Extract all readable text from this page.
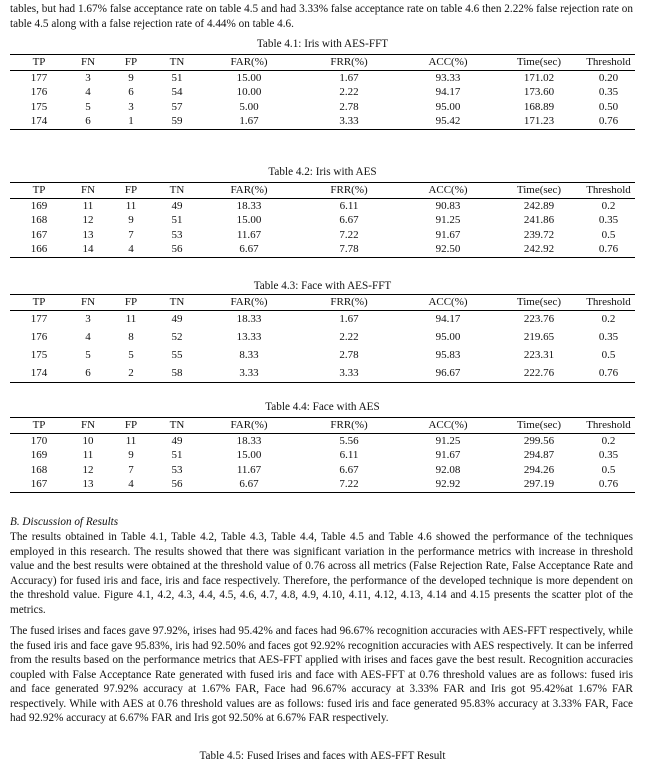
tables, but had 1.67% false acceptance rate on table 4.5 and had 3.33% false acceptance rate on table 4.6 then 2.22% false rejection rate on table 4.5 along with a false rejection rate of 4.44% on table 4.6.

Table 4.1: Iris with AES-FFT

TP	FN	FP	TN	FAR(%)	FRR(%)	ACC(%)	Time(sec)	Threshold
177	3	9	51	15.00	1.67	93.33	171.02	0.20
176	4	6	54	10.00	2.22	94.17	173.60	0.35
175	5	3	57	5.00	2.78	95.00	168.89	0.50
174	6	1	59	1.67	3.33	95.42	171.23	0.76

Table 4.2: Iris with AES

TP	FN	FP	TN	FAR(%)	FRR(%)	ACC(%)	Time(sec)	Threshold
169	11	11	49	18.33	6.11	90.83	242.89	0.2
168	12	9	51	15.00	6.67	91.25	241.86	0.35
167	13	7	53	11.67	7.22	91.67	239.72	0.5
166	14	4	56	6.67	7.78	92.50	242.92	0.76

Table 4.3: Face with AES-FFT

TP	FN	FP	TN	FAR(%)	FRR(%)	ACC(%)	Time(sec)	Threshold
177	3	11	49	18.33	1.67	94.17	223.76	0.2
176	4	8	52	13.33	2.22	95.00	219.65	0.35
175	5	5	55	8.33	2.78	95.83	223.31	0.5
174	6	2	58	3.33	3.33	96.67	222.76	0.76

Table 4.4: Face with AES

TP	FN	FP	TN	FAR(%)	FRR(%)	ACC(%)	Time(sec)	Threshold
170	10	11	49	18.33	5.56	91.25	299.56	0.2
169	11	9	51	15.00	6.11	91.67	294.87	0.35
168	12	7	53	11.67	6.67	92.08	294.26	0.5
167	13	4	56	6.67	7.22	92.92	297.19	0.76

B. Discussion of Results

The results obtained in Table 4.1, Table 4.2, Table 4.3, Table 4.4, Table 4.5 and Table 4.6 showed the performance of the techniques employed in this research. The results showed that there was significant variation in the performance metrics with increase in threshold value and the best results were obtained at the threshold value of 0.76 across all metrics (False Rejection Rate, False Acceptance Rate and Accuracy) for fused iris and face, iris and face respectively. Therefore, the performance of the developed technique is more dependent on the threshold value. Figure 4.1, 4.2, 4.3, 4.4, 4.5, 4.6, 4.7, 4.8, 4.9, 4.10, 4.11, 4.12, 4.13, 4.14 and 4.15 presents the scatter plot of the metrics.

The fused irises and faces gave 97.92%, irises had 95.42% and faces had 96.67% recognition accuracies with AES-FFT respectively, while the fused iris and face gave 95.83%, iris had 92.50% and faces got 92.92% recognition accuracies with AES respectively. It can be inferred from the results based on the performance metrics that AES-FFT applied with irises and faces gave the best result. Recognition accuracies coupled with False Acceptance Rate generated with fused iris and face with AES-FFT at 0.76 threshold values are as follows: fused iris and face generated 97.92% accuracy at 1.67% FAR, Face had 96.67% accuracy at 3.33% FAR and Iris got 95.42%at 1.67% FAR respectively. While with AES at 0.76 threshold values are as follows: fused iris and face generated 95.83% accuracy at 3.33% FAR, Face had 92.92% accuracy at 6.67% FAR and Iris got 92.50% at 6.67% FAR respectively.

Table 4.5: Fused Irises and faces with AES-FFT Result
